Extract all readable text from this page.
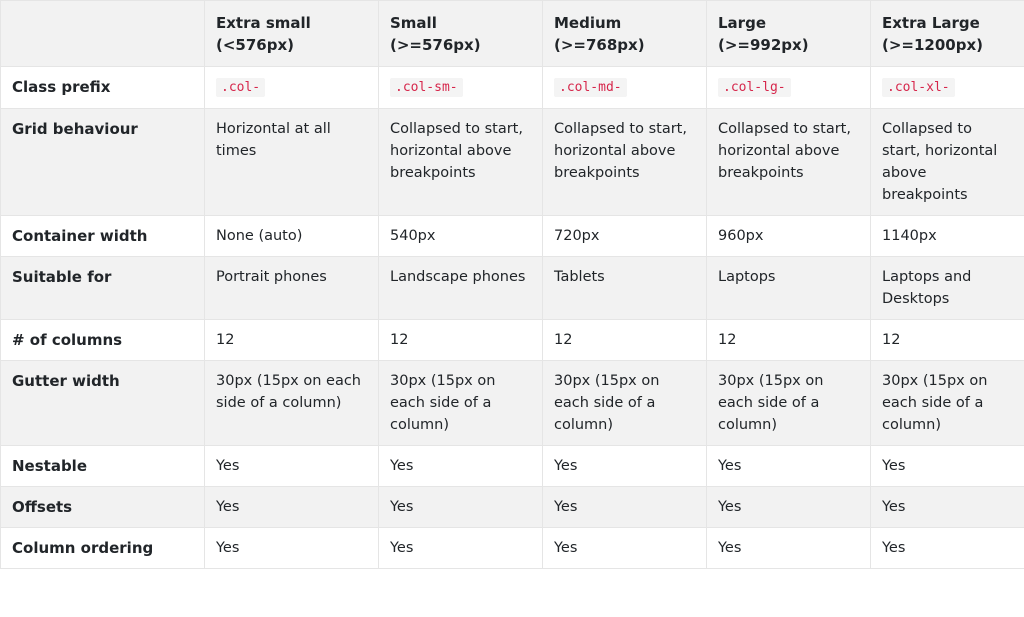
	Extra small (<576px)	Small (>=576px)	Medium (>=768px)	Large (>=992px)	Extra Large (>=1200px)
Class prefix	.col-	.col-sm-	.col-md-	.col-lg-	.col-xl-
Grid behaviour	Horizontal at all times	Collapsed to start, horizontal above breakpoints	Collapsed to start, horizontal above breakpoints	Collapsed to start, horizontal above breakpoints	Collapsed to start, horizontal above breakpoints
Container width	None (auto)	540px	720px	960px	1140px
Suitable for	Portrait phones	Landscape phones	Tablets	Laptops	Laptops and Desktops
# of columns	12	12	12	12	12
Gutter width	30px (15px on each side of a column)	30px (15px on each side of a column)	30px (15px on each side of a column)	30px (15px on each side of a column)	30px (15px on each side of a column)
Nestable	Yes	Yes	Yes	Yes	Yes
Offsets	Yes	Yes	Yes	Yes	Yes
Column ordering	Yes	Yes	Yes	Yes	Yes
